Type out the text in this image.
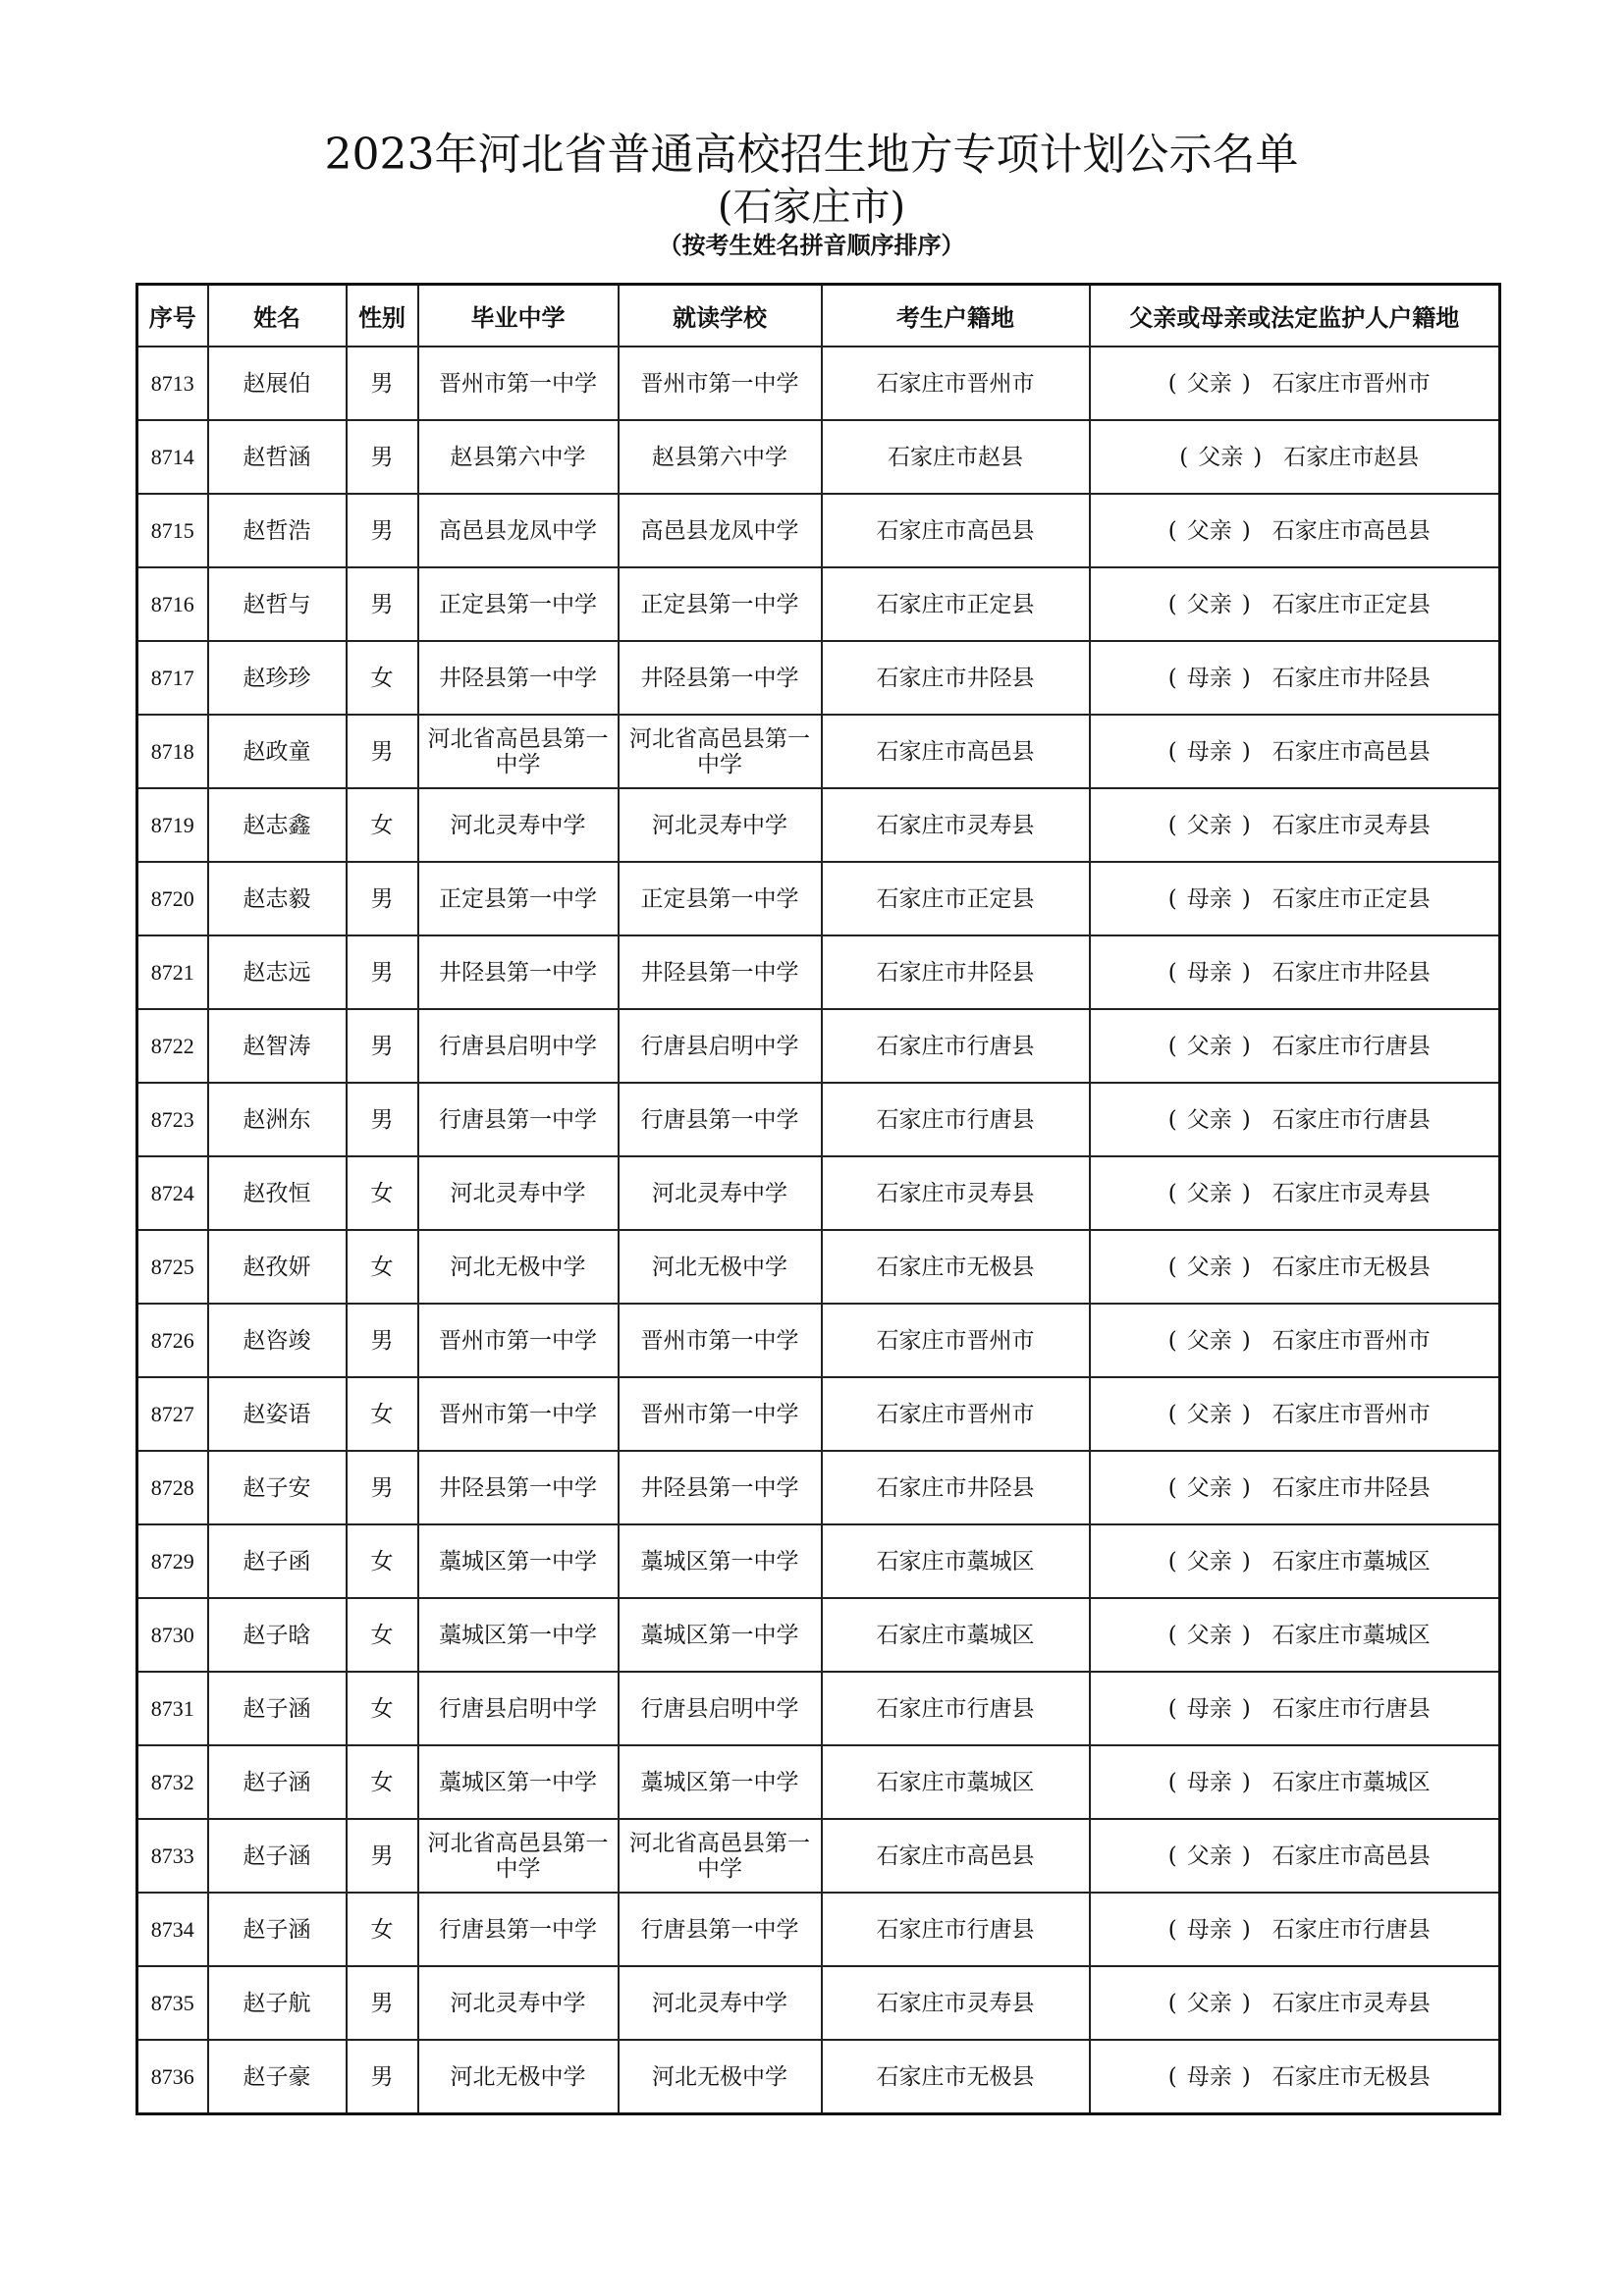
2023年河北省普通高校招生地方专项计划公示名单
(石家庄市)
（按考生姓名拼音顺序排序）
序号	姓名	性别	毕业中学	就读学校	考生户籍地	父亲或母亲或法定监护人户籍地
8713	赵展伯	男	晋州市第一中学	晋州市第一中学	石家庄市晋州市	( 父亲 ) 石家庄市晋州市
8714	赵哲涵	男	赵县第六中学	赵县第六中学	石家庄市赵县	( 父亲 ) 石家庄市赵县
8715	赵哲浩	男	高邑县龙凤中学	高邑县龙凤中学	石家庄市高邑县	( 父亲 ) 石家庄市高邑县
8716	赵哲与	男	正定县第一中学	正定县第一中学	石家庄市正定县	( 父亲 ) 石家庄市正定县
8717	赵珍珍	女	井陉县第一中学	井陉县第一中学	石家庄市井陉县	( 母亲 ) 石家庄市井陉县
8718	赵政童	男	河北省高邑县第一中学	河北省高邑县第一中学	石家庄市高邑县	( 母亲 ) 石家庄市高邑县
8719	赵志鑫	女	河北灵寿中学	河北灵寿中学	石家庄市灵寿县	( 父亲 ) 石家庄市灵寿县
8720	赵志毅	男	正定县第一中学	正定县第一中学	石家庄市正定县	( 母亲 ) 石家庄市正定县
8721	赵志远	男	井陉县第一中学	井陉县第一中学	石家庄市井陉县	( 母亲 ) 石家庄市井陉县
8722	赵智涛	男	行唐县启明中学	行唐县启明中学	石家庄市行唐县	( 父亲 ) 石家庄市行唐县
8723	赵洲东	男	行唐县第一中学	行唐县第一中学	石家庄市行唐县	( 父亲 ) 石家庄市行唐县
8724	赵孜恒	女	河北灵寿中学	河北灵寿中学	石家庄市灵寿县	( 父亲 ) 石家庄市灵寿县
8725	赵孜妍	女	河北无极中学	河北无极中学	石家庄市无极县	( 父亲 ) 石家庄市无极县
8726	赵咨竣	男	晋州市第一中学	晋州市第一中学	石家庄市晋州市	( 父亲 ) 石家庄市晋州市
8727	赵姿语	女	晋州市第一中学	晋州市第一中学	石家庄市晋州市	( 父亲 ) 石家庄市晋州市
8728	赵子安	男	井陉县第一中学	井陉县第一中学	石家庄市井陉县	( 父亲 ) 石家庄市井陉县
8729	赵子函	女	藁城区第一中学	藁城区第一中学	石家庄市藁城区	( 父亲 ) 石家庄市藁城区
8730	赵子晗	女	藁城区第一中学	藁城区第一中学	石家庄市藁城区	( 父亲 ) 石家庄市藁城区
8731	赵子涵	女	行唐县启明中学	行唐县启明中学	石家庄市行唐县	( 母亲 ) 石家庄市行唐县
8732	赵子涵	女	藁城区第一中学	藁城区第一中学	石家庄市藁城区	( 母亲 ) 石家庄市藁城区
8733	赵子涵	男	河北省高邑县第一中学	河北省高邑县第一中学	石家庄市高邑县	( 父亲 ) 石家庄市高邑县
8734	赵子涵	女	行唐县第一中学	行唐县第一中学	石家庄市行唐县	( 母亲 ) 石家庄市行唐县
8735	赵子航	男	河北灵寿中学	河北灵寿中学	石家庄市灵寿县	( 父亲 ) 石家庄市灵寿县
8736	赵子豪	男	河北无极中学	河北无极中学	石家庄市无极县	( 母亲 ) 石家庄市无极县
